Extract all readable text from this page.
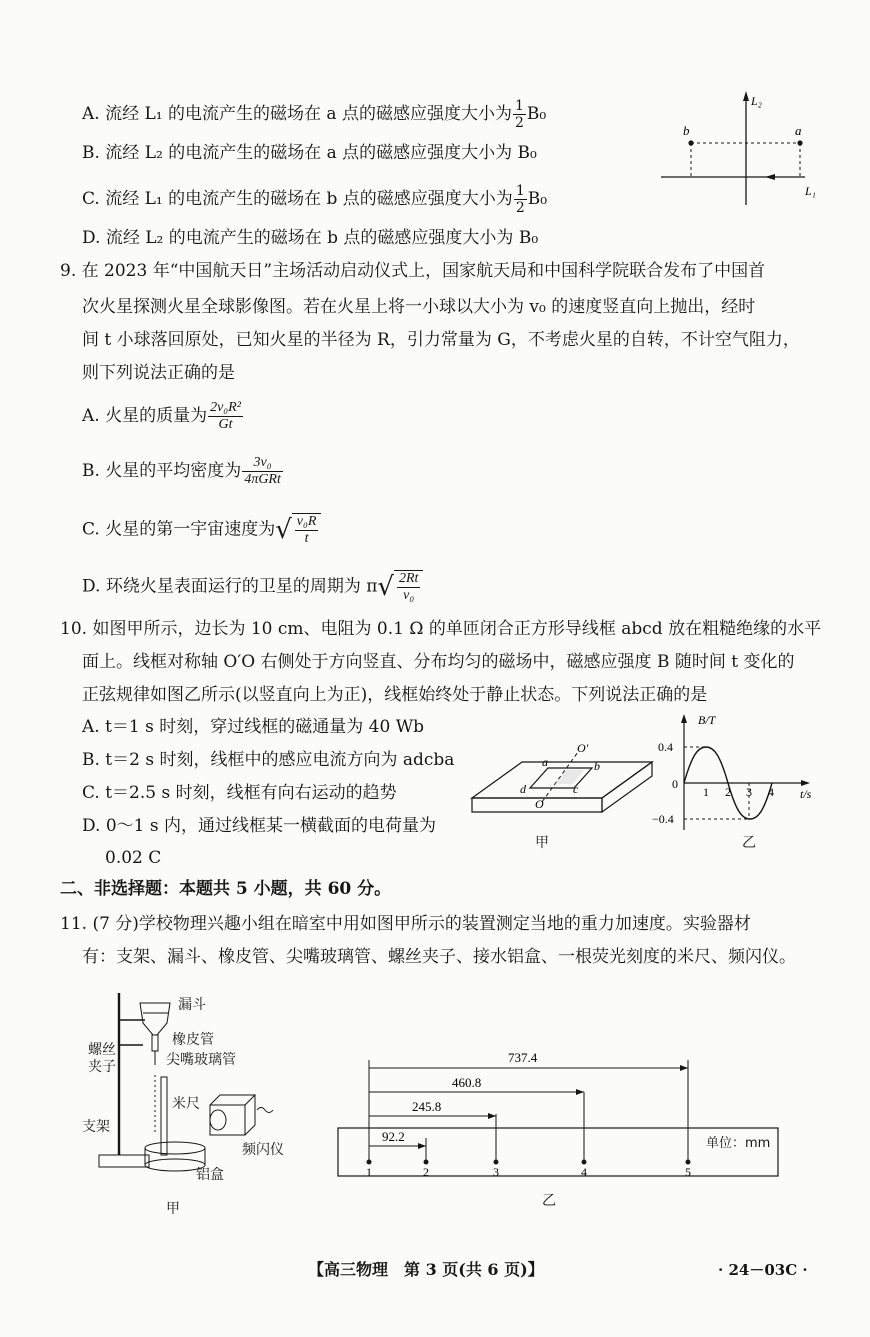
A. 流经 L₁ 的电流产生的磁场在 a 点的磁感应强度大小为 $\frac{1}{2} B_0$
B. 流经 L₂ 的电流产生的磁场在 a 点的磁感应强度大小为 B₀
C. 流经 L₁ 的电流产生的磁场在 b 点的磁感应强度大小为 $\frac{1}{2} B_0$
D. 流经 L₂ 的电流产生的磁场在 b 点的磁感应强度大小为 B₀
b	a
L₂
L₁
9. 在 2023 年“中国航天日”主场活动启动仪式上，国家航天局和中国科学院联合发布了中国首
次火星探测火星全球影像图。若在火星上将一小球以大小为 v₀ 的速度竖直向上抛出，经时
间 t 小球落回原处，已知火星的半径为 R，引力常量为 G，不考虑火星的自转，不计空气阻力，
则下列说法正确的是
A. 火星的质量为 $\frac{\text{2v₀R²}}{Gt}$
B. 火星的平均密度为 $\frac{\text{3v₀}}{\text{4πGRt}}$
C. 火星的第一宇宙速度为√ $\frac{\text{v₀R}}{t}$
D. 环绕火星表面运行的卫星的周期为 $\pi√ \frac{2Rt}{\text{v₀}}$
10. 如图甲所示，边长为 10 cm、电阻为 0.1 Ω 的单匝闭合正方形导线框 abcd 放在粗糙绝缘的水平
面上。线框对称轴 O′O 右侧处于方向竖直、分布均匀的磁场中，磁感应强度 B 随时间 t 变化的
正弦规律如图乙所示(以竖直向上为正)，线框始终处于静止状态。下列说法正确的是
A. t＝1 s 时刻，穿过线框的磁通量为 40 Wb
B. t＝2 s 时刻，线框中的感应电流方向为 adcba
C. t＝2.5 s 时刻，线框有向右运动的趋势
D. 0～1 s 内，通过线框某一横截面的电荷量为
0.02 C
O′
O
a	b
c
d
甲
B/T
0.4
−0.4
0
1 2 3 4 t/s
乙
二、非选择题：本题共 5 小题，共 60 分。
11. (7 分)学校物理兴趣小组在暗室中用如图甲所示的装置测定当地的重力加速度。实验器材
有：支架、漏斗、橡皮管、尖嘴玻璃管、螺丝夹子、接水铝盒、一根荧光刻度的米尺、频闪仪。
漏斗
橡皮管
螺丝
夹子	尖嘴玻璃管
米尺
支架
频闪仪
铝盒
甲
737.4
460.8
245.8
92.2
1	2	3	4	5
单位：mm
乙
【高三物理　第 3 页(共 6 页)】	· 24－03C ·
